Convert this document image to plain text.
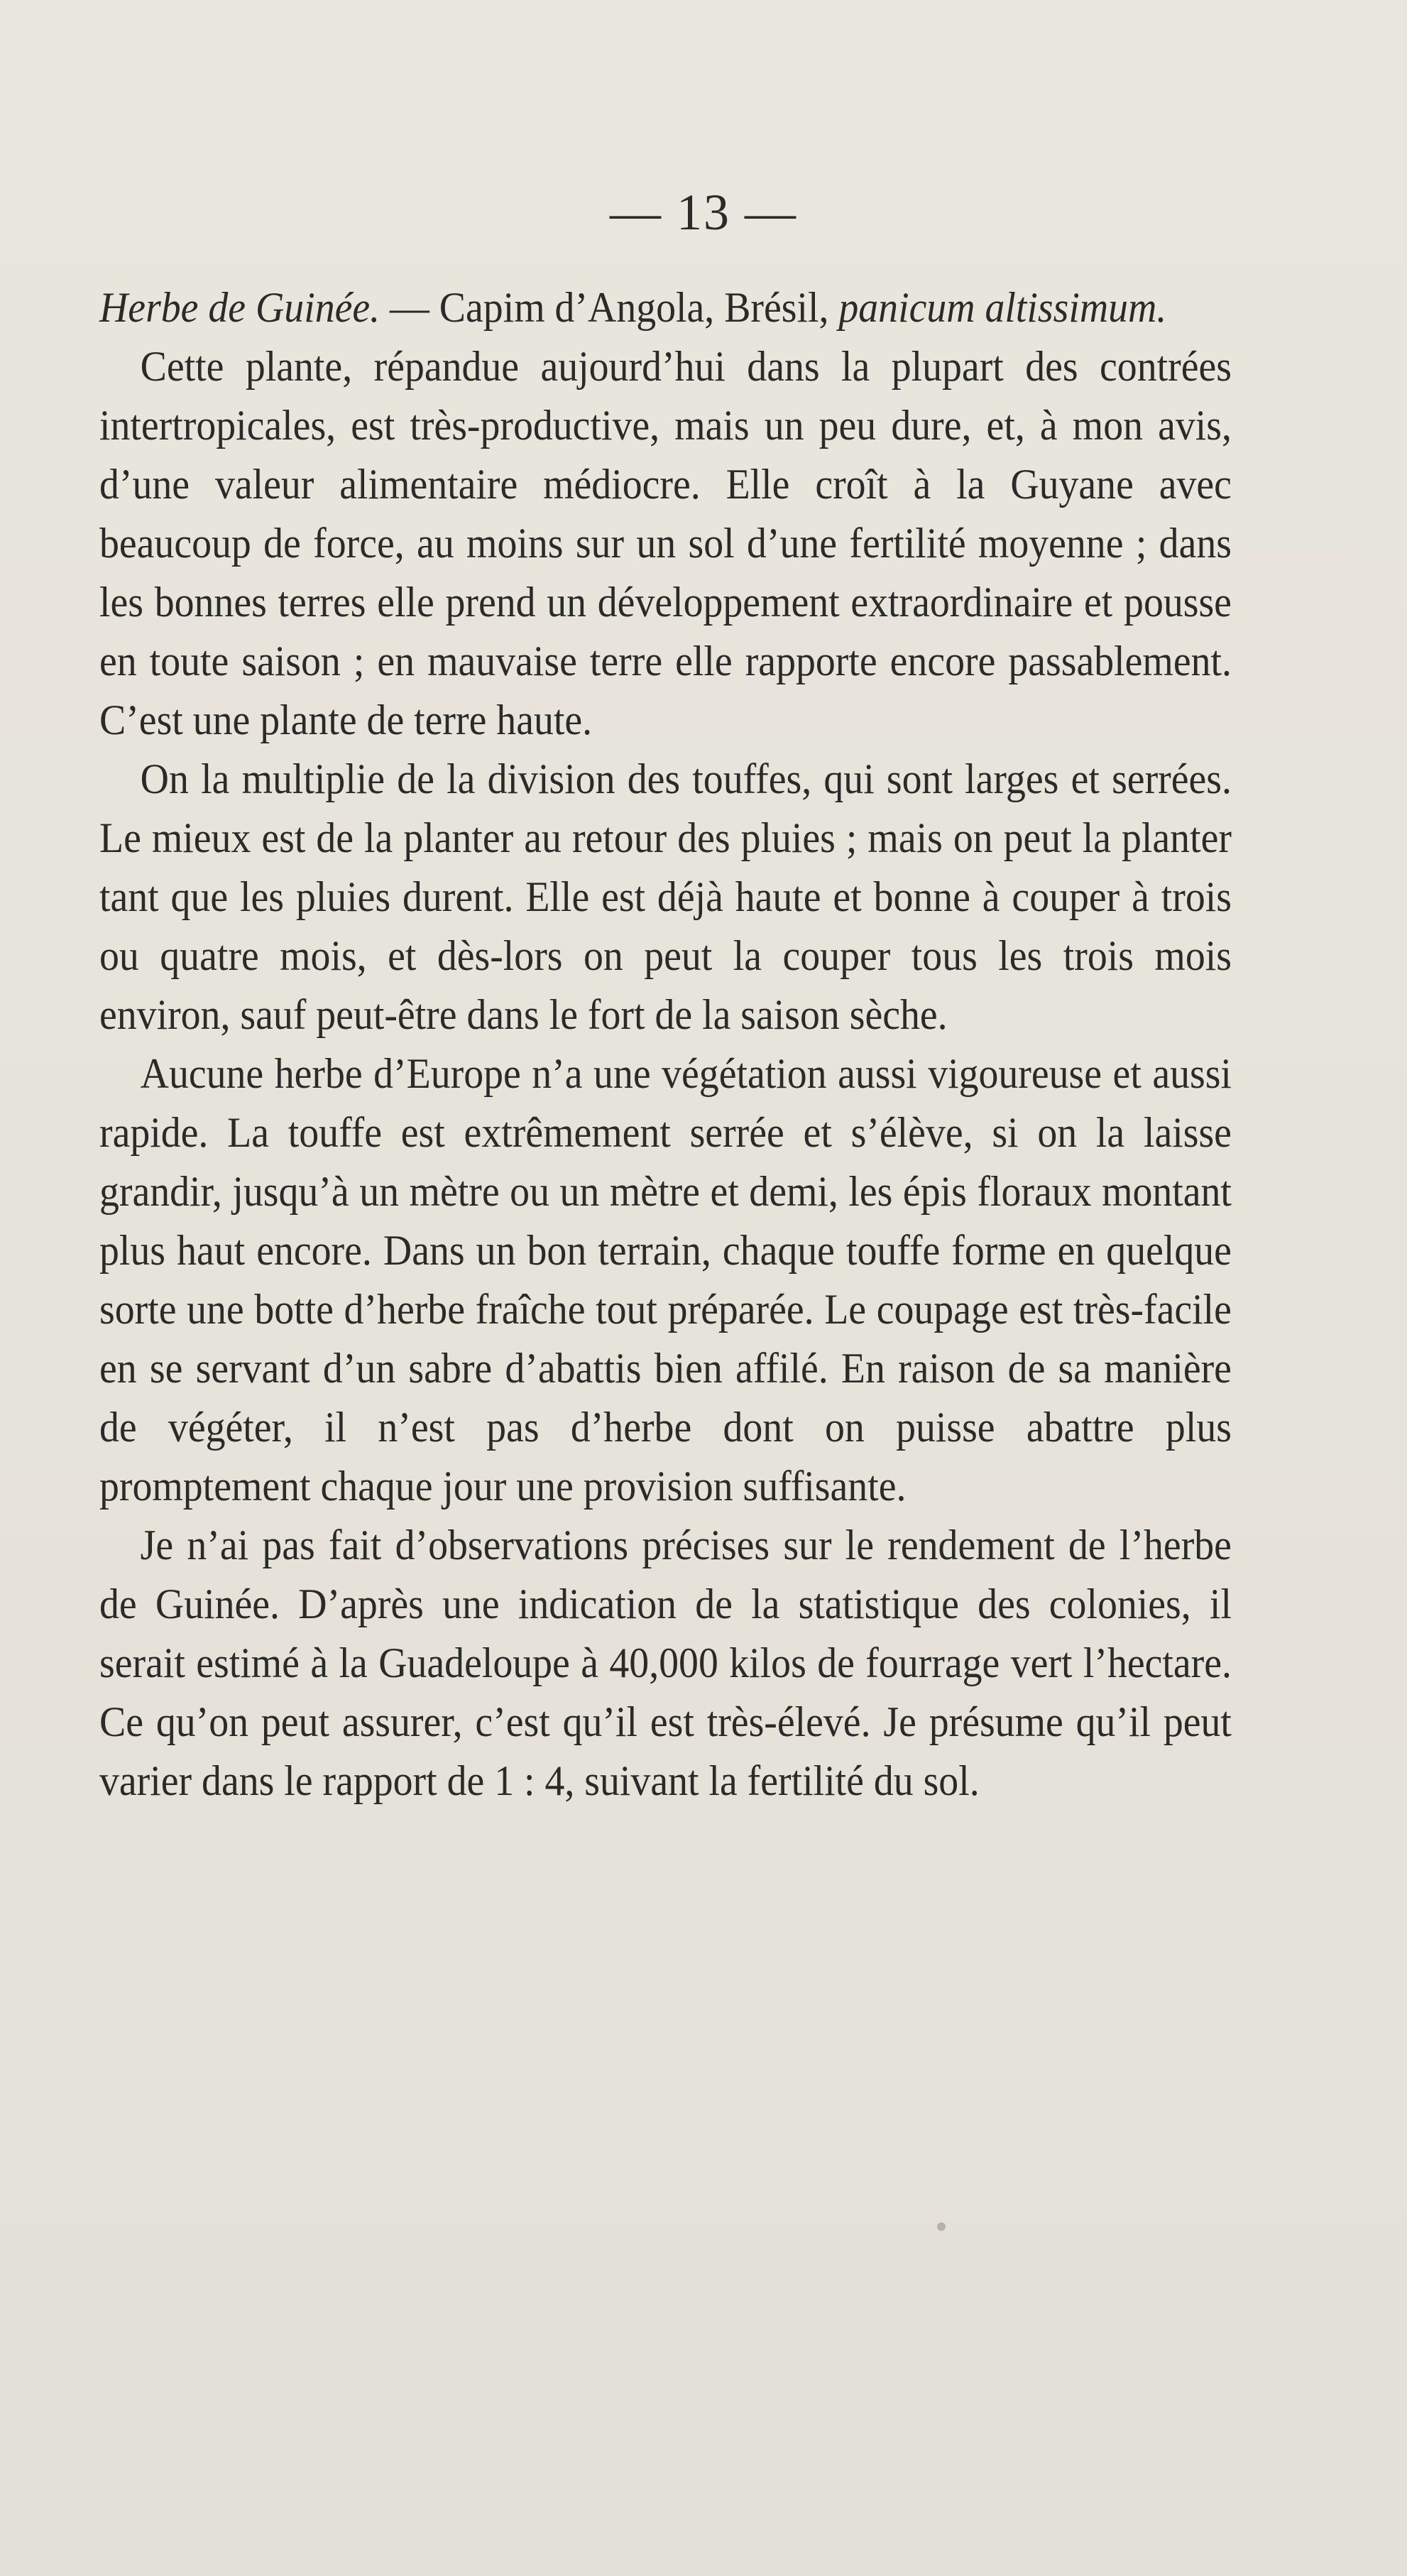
— 13 —

Herbe de Guinée. — Capim d’Angola, Brésil, panicum altissimum.

Cette plante, répandue aujourd’hui dans la plupart des contrées intertropicales, est très-productive, mais un peu dure, et, à mon avis, d’une valeur alimentaire médiocre. Elle croît à la Guyane avec beaucoup de force, au moins sur un sol d’une fertilité moyenne ; dans les bonnes terres elle prend un développement extraordinaire et pousse en toute saison ; en mauvaise terre elle rapporte encore passablement. C’est une plante de terre haute.

On la multiplie de la division des touffes, qui sont larges et serrées. Le mieux est de la planter au retour des pluies ; mais on peut la planter tant que les pluies durent. Elle est déjà haute et bonne à couper à trois ou quatre mois, et dès-lors on peut la couper tous les trois mois environ, sauf peut-être dans le fort de la saison sèche.

Aucune herbe d’Europe n’a une végétation aussi vigoureuse et aussi rapide. La touffe est extrêmement serrée et s’élève, si on la laisse grandir, jusqu’à un mètre ou un mètre et demi, les épis floraux montant plus haut encore. Dans un bon terrain, chaque touffe forme en quelque sorte une botte d’herbe fraîche tout préparée. Le coupage est très-facile en se servant d’un sabre d’abattis bien affilé. En raison de sa manière de végéter, il n’est pas d’herbe dont on puisse abattre plus promptement chaque jour une provision suffisante.

Je n’ai pas fait d’observations précises sur le rendement de l’herbe de Guinée. D’après une indication de la statistique des colonies, il serait estimé à la Guadeloupe à 40,000 kilos de fourrage vert l’hectare. Ce qu’on peut assurer, c’est qu’il est très-élevé. Je présume qu’il peut varier dans le rapport de 1 : 4, suivant la fertilité du sol.
